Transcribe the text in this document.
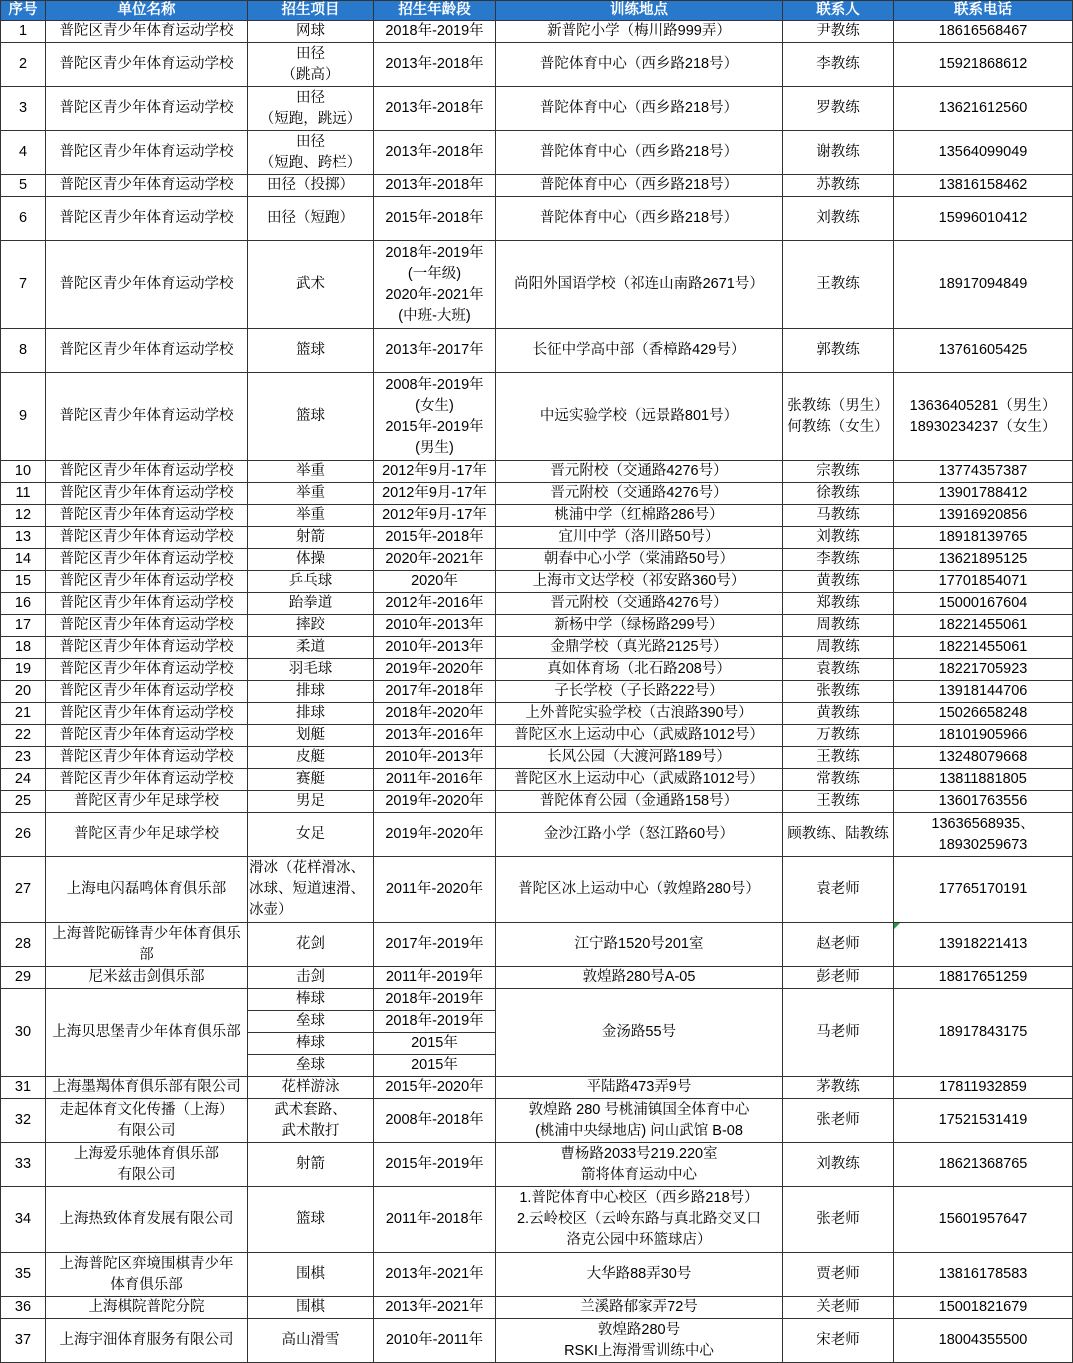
序号	单位名称	招生项目	招生年龄段	训练地点	联系人	联系电话
1	普陀区青少年体育运动学校	网球	2018年-2019年	新普陀小学（梅川路999弄）	尹教练	18616568467
2	普陀区青少年体育运动学校	田径
（跳高）	2013年-2018年	普陀体育中心（西乡路218号）	李教练	15921868612
3	普陀区青少年体育运动学校	田径
（短跑，跳远）	2013年-2018年	普陀体育中心（西乡路218号）	罗教练	13621612560
4	普陀区青少年体育运动学校	田径
（短跑、跨栏）	2013年-2018年	普陀体育中心（西乡路218号）	谢教练	13564099049
5	普陀区青少年体育运动学校	田径（投掷）	2013年-2018年	普陀体育中心（西乡路218号）	苏教练	13816158462
6	普陀区青少年体育运动学校	田径（短跑）	2015年-2018年	普陀体育中心（西乡路218号）	刘教练	15996010412
7	普陀区青少年体育运动学校	武术	2018年-2019年
(一年级)
2020年-2021年
(中班-大班)	尚阳外国语学校（祁连山南路2671号）	王教练	18917094849
8	普陀区青少年体育运动学校	篮球	2013年-2017年	长征中学高中部（香樟路429号）	郭教练	13761605425
9	普陀区青少年体育运动学校	篮球	2008年-2019年
(女生)
2015年-2019年
(男生)	中远实验学校（远景路801号）	张教练（男生）
何教练（女生）	13636405281（男生）
18930234237（女生）
10	普陀区青少年体育运动学校	举重	2012年9月-17年	晋元附校（交通路4276号）	宗教练	13774357387
11	普陀区青少年体育运动学校	举重	2012年9月-17年	晋元附校（交通路4276号）	徐教练	13901788412
12	普陀区青少年体育运动学校	举重	2012年9月-17年	桃浦中学（红棉路286号）	马教练	13916920856
13	普陀区青少年体育运动学校	射箭	2015年-2018年	宜川中学（洛川路50号）	刘教练	18918139765
14	普陀区青少年体育运动学校	体操	2020年-2021年	朝春中心小学（棠浦路50号）	李教练	13621895125
15	普陀区青少年体育运动学校	乒乓球	2020年	上海市文达学校（祁安路360号）	黄教练	17701854071
16	普陀区青少年体育运动学校	跆拳道	2012年-2016年	晋元附校（交通路4276号）	郑教练	15000167604
17	普陀区青少年体育运动学校	摔跤	2010年-2013年	新杨中学（绿杨路299号）	周教练	18221455061
18	普陀区青少年体育运动学校	柔道	2010年-2013年	金鼎学校（真光路2125号）	周教练	18221455061
19	普陀区青少年体育运动学校	羽毛球	2019年-2020年	真如体育场（北石路208号）	袁教练	18221705923
20	普陀区青少年体育运动学校	排球	2017年-2018年	子长学校（子长路222号）	张教练	13918144706
21	普陀区青少年体育运动学校	排球	2018年-2020年	上外普陀实验学校（古浪路390号）	黄教练	15026658248
22	普陀区青少年体育运动学校	划艇	2013年-2016年	普陀区水上运动中心（武威路1012号）	万教练	18101905966
23	普陀区青少年体育运动学校	皮艇	2010年-2013年	长风公园（大渡河路189号）	王教练	13248079668
24	普陀区青少年体育运动学校	赛艇	2011年-2016年	普陀区水上运动中心（武威路1012号）	常教练	13811881805
25	普陀区青少年足球学校	男足	2019年-2020年	普陀体育公园（金通路158号）	王教练	13601763556
26	普陀区青少年足球学校	女足	2019年-2020年	金沙江路小学（怒江路60号）	顾教练、陆教练	13636568935、
18930259673
27	上海电闪磊鸣体育俱乐部	滑冰（花样滑冰、
冰球、短道速滑、
冰壶）	2011年-2020年	普陀区冰上运动中心（敦煌路280号）	袁老师	17765170191
28	上海普陀砺锋青少年体育俱乐
部	花剑	2017年-2019年	江宁路1520号201室	赵老师	13918221413
29	尼米兹击剑俱乐部	击剑	2011年-2019年	敦煌路280号A-05	彭老师	18817651259
30	上海贝思堡青少年体育俱乐部	棒球	2018年-2019年	金汤路55号	马老师	18917843175
		垒球	2018年-2019年			
		棒球	2015年			
		垒球	2015年			
31	上海墨羯体育俱乐部有限公司	花样游泳	2015年-2020年	平陆路473弄9号	茅教练	17811932859
32	走起体育文化传播（上海）
有限公司	武术套路、
武术散打	2008年-2018年	敦煌路 280 号桃浦镇国全体育中心
(桃浦中央绿地店) 问山武馆 B-08	张老师	17521531419
33	上海爱乐驰体育俱乐部
有限公司	射箭	2015年-2019年	曹杨路2033号219.220室
箭将体育运动中心	刘教练	18621368765
34	上海热致体育发展有限公司	篮球	2011年-2018年	1.普陀体育中心校区（西乡路218号）
2.云岭校区（云岭东路与真北路交叉口
洛克公园中环篮球店）	张老师	15601957647
35	上海普陀区弈境围棋青少年
体育俱乐部	围棋	2013年-2021年	大华路88弄30号	贾老师	13816178583
36	上海棋院普陀分院	围棋	2013年-2021年	兰溪路郁家弄72号	关老师	15001821679
37	上海宇沺体育服务有限公司	高山滑雪	2010年-2011年	敦煌路280号
RSKI上海滑雪训练中心	宋老师	18004355500
